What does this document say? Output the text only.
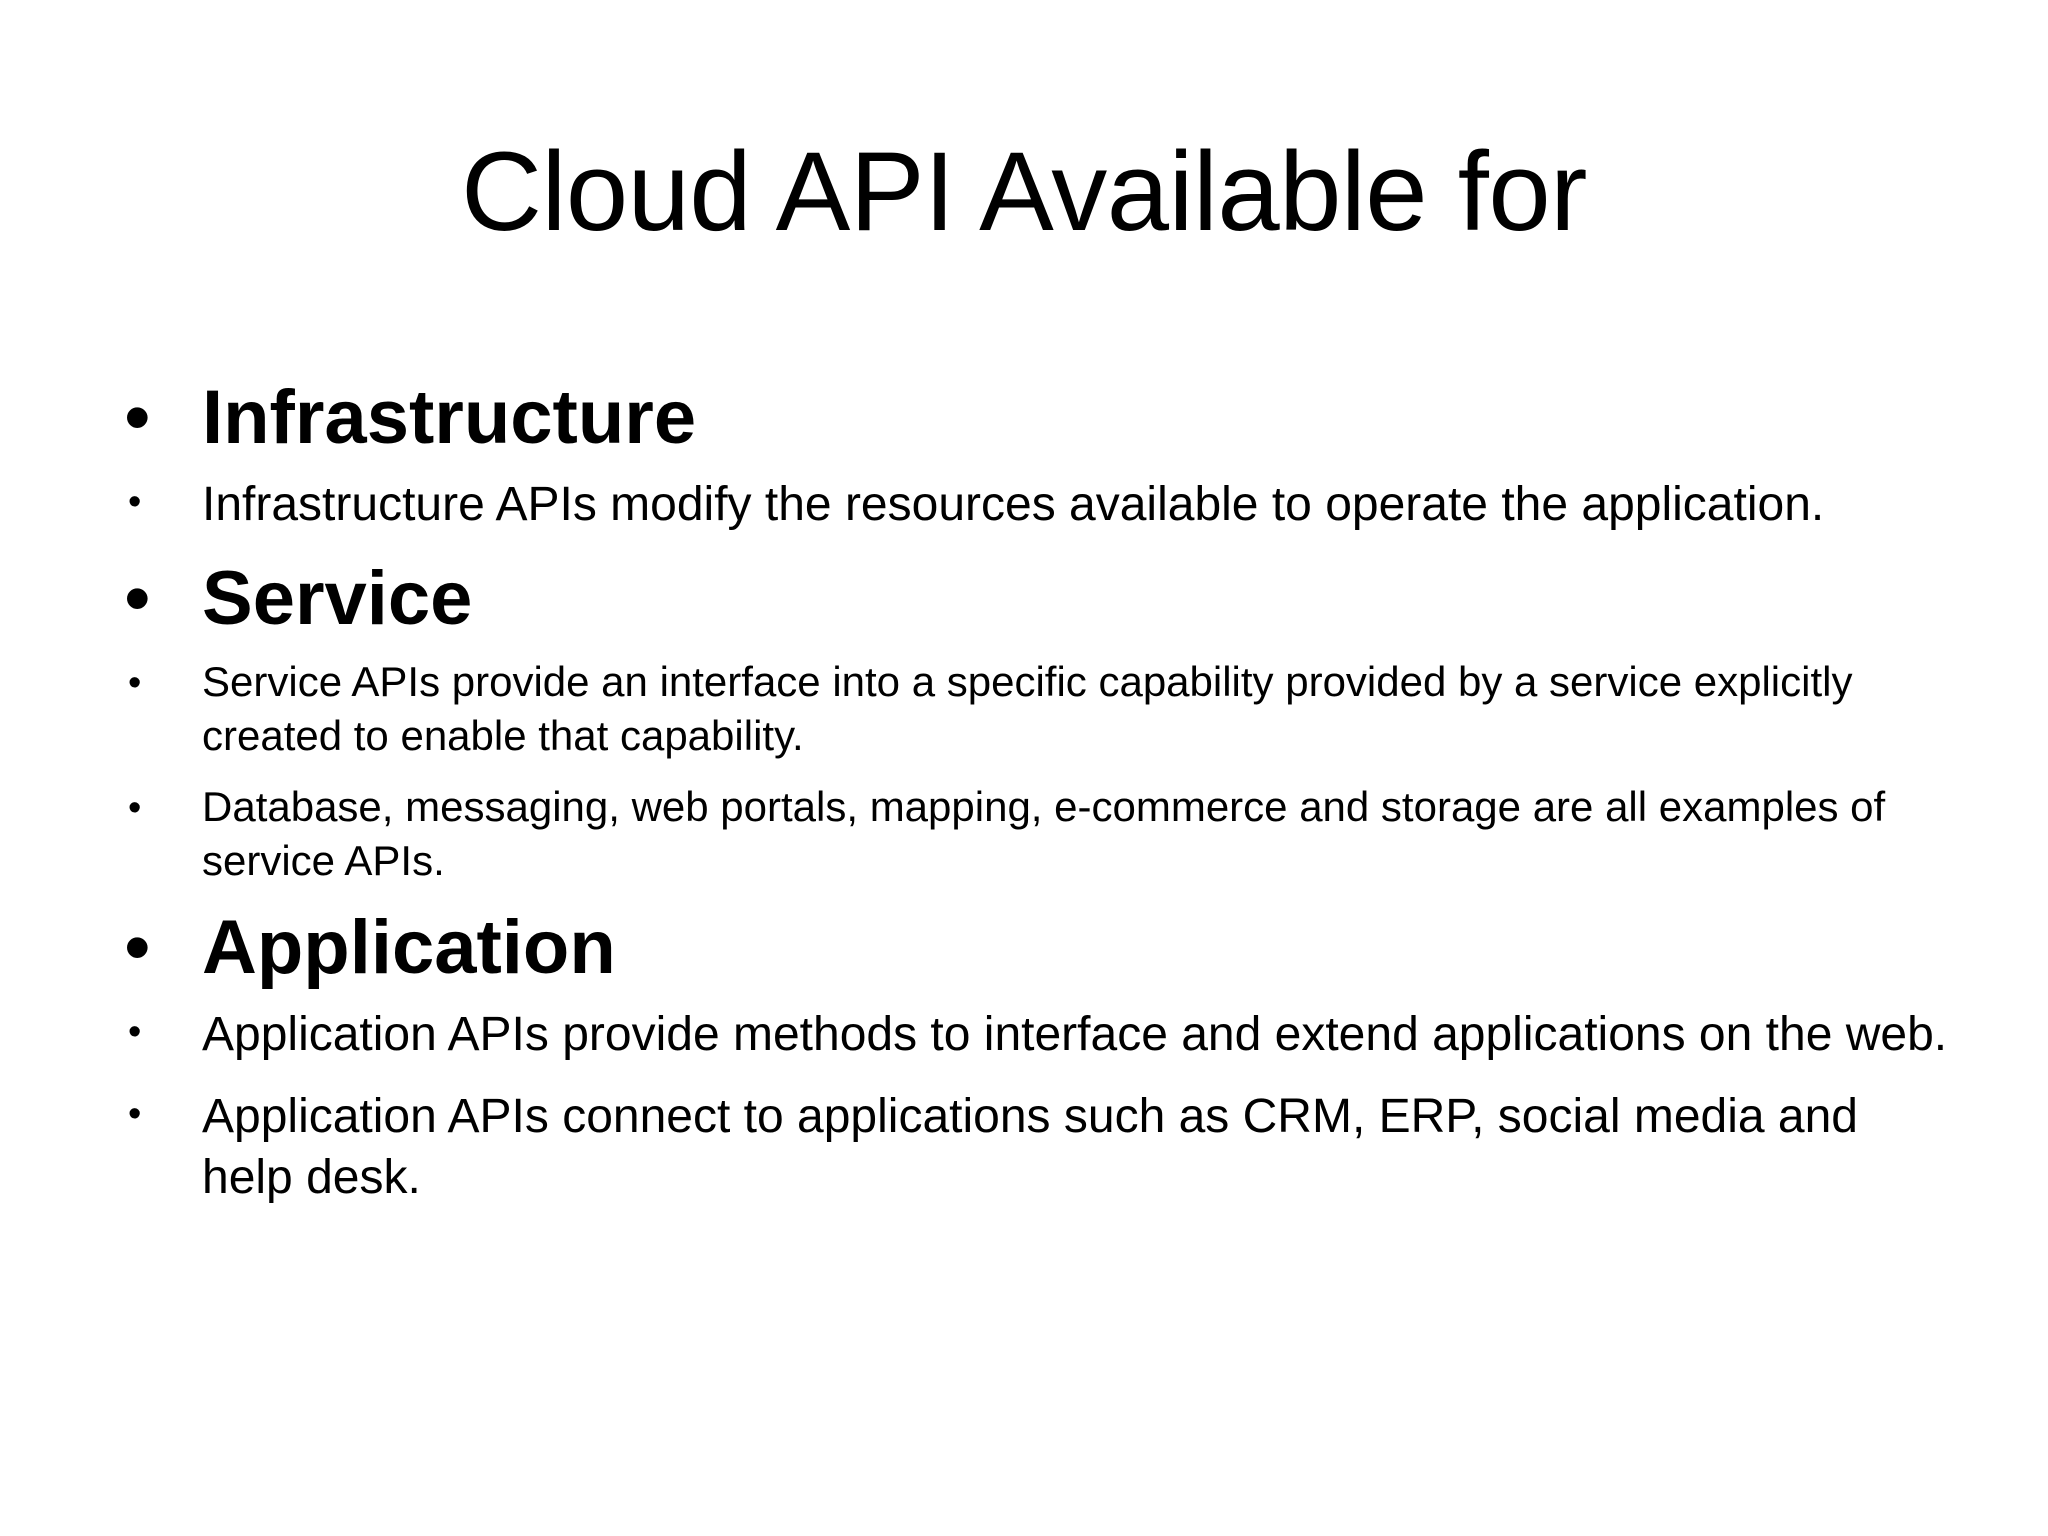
Cloud API Available for
• Infrastructure
• Infrastructure APIs modify the resources available to operate the application.
• Service
• Service APIs provide an interface into a specific capability provided by a service explicitly created to enable that capability.
• Database, messaging, web portals, mapping, e-commerce and storage are all examples of service APIs.
• Application
• Application APIs provide methods to interface and extend applications on the web.
• Application APIs connect to applications such as CRM, ERP, social media and help desk.
